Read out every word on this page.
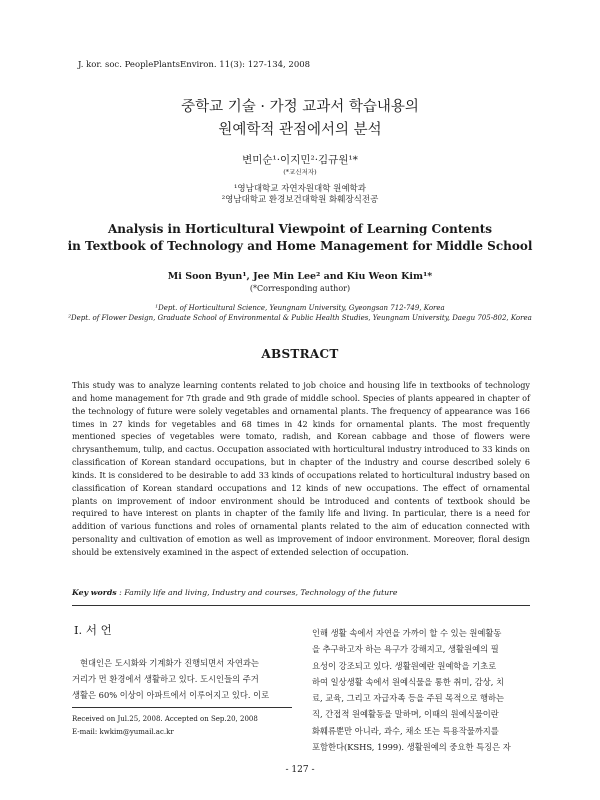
J. kor. soc. PeoplePlantsEnviron. 11(3): 127-134, 2008
중학교 기술 · 가정 교과서 학습내용의
원예학적 관점에서의 분석
변미순¹·이지민²·김규원¹*
(*교신저자)
¹영남대학교 자연자원대학 원예학과
²영남대학교 환경보건대학원 화훼장식전공
Analysis in Horticultural Viewpoint of Learning Contents
in Textbook of Technology and Home Management for Middle School
Mi Soon Byun¹, Jee Min Lee² and Kiu Weon Kim¹*
(*Corresponding author)
¹Dept. of Horticultural Science, Yeungnam University, Gyeongsan 712-749, Korea
²Dept. of Flower Design, Graduate School of Environmental & Public Health Studies, Yeungnam University, Daegu 705-802, Korea
ABSTRACT
This study was to analyze learning contents related to job choice and housing life in textbooks of technology and home management for 7th grade and 9th grade of middle school. Species of plants appeared in chapter of the technology of future were solely vegetables and ornamental plants. The frequency of appearance was 166 times in 27 kinds for vegetables and 68 times in 42 kinds for ornamental plants. The most frequently mentioned species of vegetables were tomato, radish, and Korean cabbage and those of flowers were chrysanthemum, tulip, and cactus. Occupation associated with horticultural industry introduced to 33 kinds on classification of Korean standard occupations, but in chapter of the industry and course described solely 6 kinds. It is considered to be desirable to add 33 kinds of occupations related to horticultural industry based on classification of Korean standard occupations and 12 kinds of new occupations. The effect of ornamental plants on improvement of indoor environment should be introduced and contents of textbook should be required to have interest on plants in chapter of the family life and living. In particular, there is a need for addition of various functions and roles of ornamental plants related to the aim of education connected with personality and cultivation of emotion as well as improvement of indoor environment. Moreover, floral design should be extensively examined in the aspect of extended selection of occupation.
Key words : Family life and living, Industry and courses, Technology of the future
Ⅰ. 서 언
현대인은 도시화와 기계화가 진행되면서 자연과는
거리가 먼 환경에서 생활하고 있다. 도시인들의 주거
생활은 60% 이상이 아파트에서 이루어지고 있다. 이로
Received on Jul.25, 2008. Accepted on Sep.20, 2008
E-mail: kwkim@yumail.ac.kr
인해 생활 속에서 자연을 가까이 할 수 있는 원예활동
을 추구하고자 하는 욕구가 강해지고, 생활원예의 필
요성이 강조되고 있다. 생활원예란 원예학을 기초로
하여 일상생활 속에서 원예식물을 통한 취미, 감상, 치
료, 교육, 그리고 자급자족 등을 주된 목적으로 행하는
직, 간접적 원예활동을 말하며, 이때의 원예식물이란
화훼류뿐만 아니라, 과수, 채소 또는 특용작물까지를
포함한다(KSHS, 1999). 생활원예의 중요한 특징은 자
- 127 -
